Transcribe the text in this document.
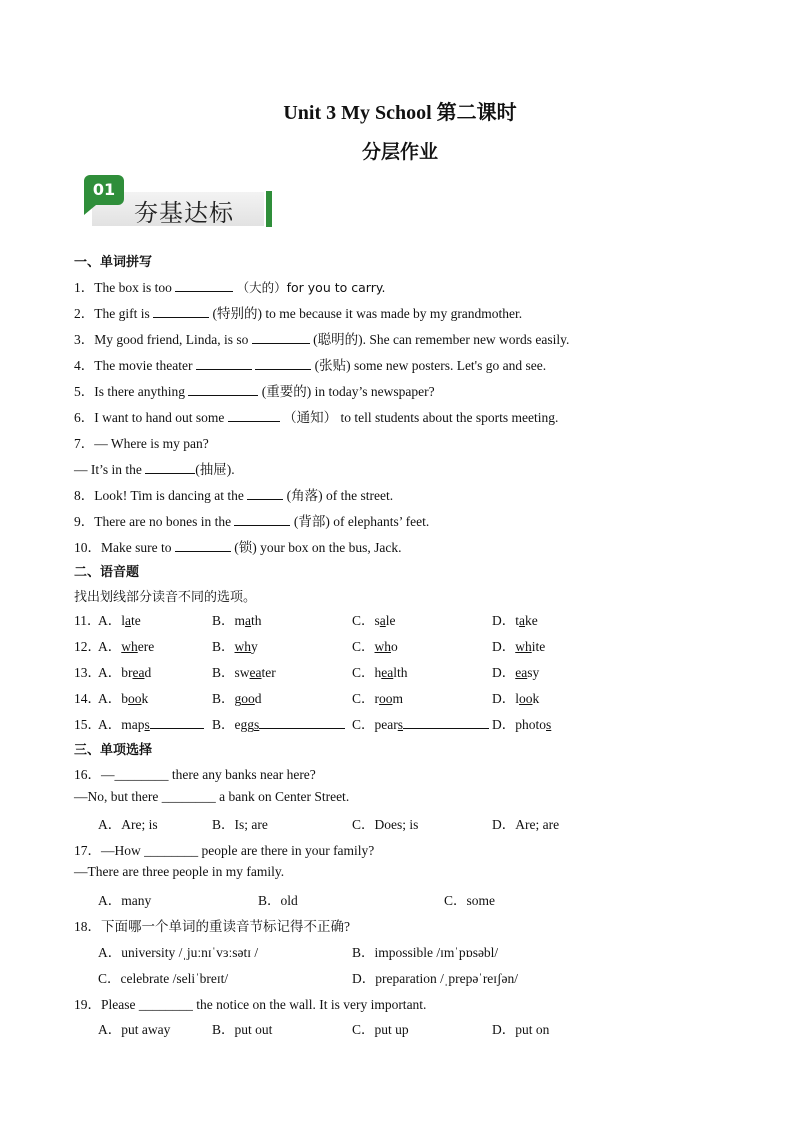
Unit 3 My School 第二课时
分层作业
01
夯基达标
一、单词拼写
1．The box is too	（大的）for you to carry.
2．The gift is	(特别的) to me because it was made by my grandmother.
3．My good friend, Linda, is so	(聪明的). She can remember new words easily.
4．The movie theater	(张贴) some new posters. Let's go and see.
5．Is there anything	(重要的) in today’s newspaper?
6．I want to hand out some	（通知） to tell students about the sports meeting.
7．— Where is my pan?
— It’s in the	(抽屉).
8．Look! Tim is dancing at the	(角落) of the street.
9．There are no bones in the	(背部) of elephants’ feet.
10．Make sure to	(锁) your box on the bus, Jack.
二、语音题
找出划线部分读音不同的选项。
11．
A．late	B．math	C．sale	D．take
12．
A．where	B．why	C．who	D．white
13．
A．bread	B．sweater	C．health	D．easy
14．
A．book	B．good	C．room	D．look
15．
A．maps	B．eggs	C．pears	D．photos
三、单项选择
16．—________ there any banks near here?
—No, but there ________ a bank on Center Street.
A．Are; is	B．Is; are	C．Does; is	D．Are; are
17．—How ________ people are there in your family?
—There are three people in my family.
A．many	B．old	C．some
18．下面哪一个单词的重读音节标记得不正确?
A．university /ˌjuːnɪˈvɜːsətɪ /	B．impossible /ɪmˈpɒsəbl/
C．celebrate /seliˈbreɪt/	D．preparation /ˌprepəˈreɪʃən/
19．Please ________ the notice on the wall. It is very important.
A．put away	B．put out	C．put up	D．put on
